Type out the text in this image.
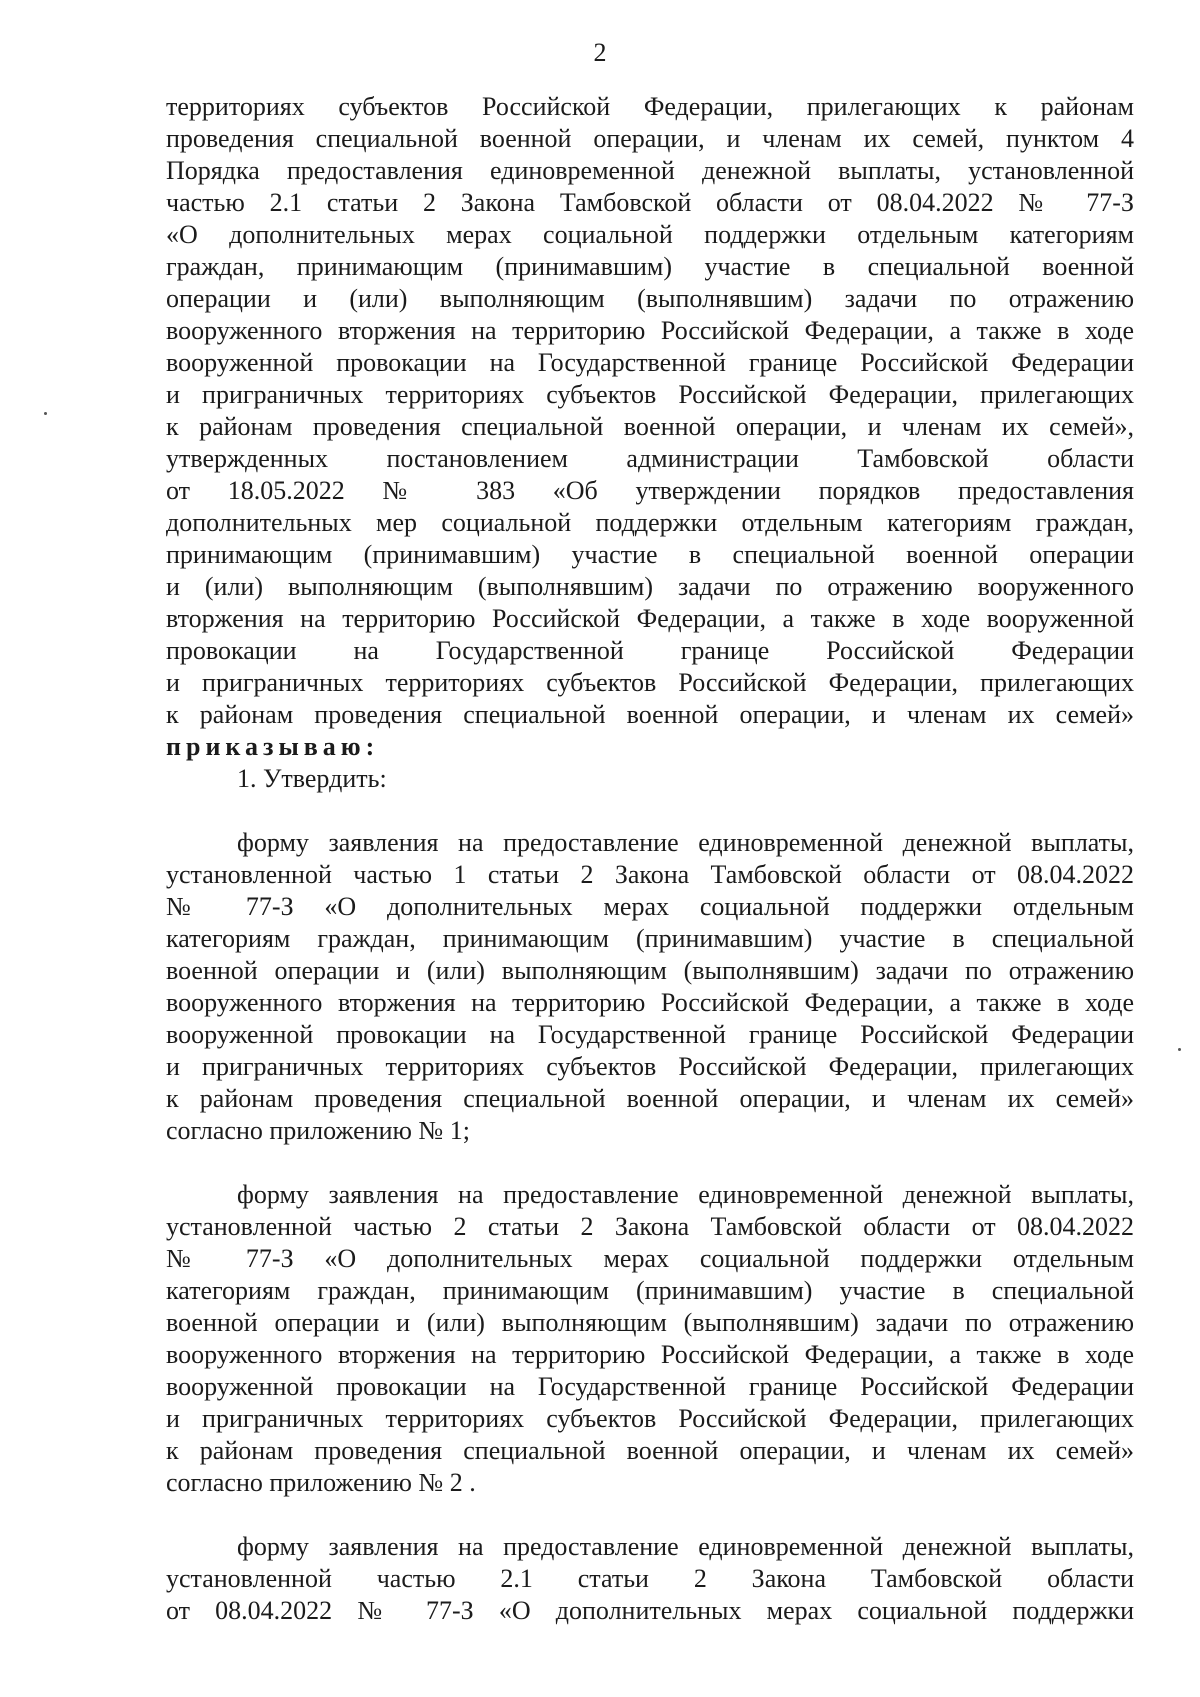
2
территориях субъектов Российской Федерации, прилегающих к районам
проведения специальной военной операции, и членам их семей, пунктом 4
Порядка предоставления единовременной денежной выплаты, установленной
частью 2.1 статьи 2 Закона Тамбовской области от 08.04.2022 № 77-З
«О дополнительных мерах социальной поддержки отдельным категориям
граждан, принимающим (принимавшим) участие в специальной военной
операции и (или) выполняющим (выполнявшим) задачи по отражению
вооруженного вторжения на территорию Российской Федерации, а также в ходе
вооруженной провокации на Государственной границе Российской Федерации
и приграничных территориях субъектов Российской Федерации, прилегающих
к районам проведения специальной военной операции, и членам их семей»,
утвержденных постановлением администрации Тамбовской области
от 18.05.2022 № 383 «Об утверждении порядков предоставления
дополнительных мер социальной поддержки отдельным категориям граждан,
принимающим (принимавшим) участие в специальной военной операции
и (или) выполняющим (выполнявшим) задачи по отражению вооруженного
вторжения на территорию Российской Федерации, а также в ходе вооруженной
провокации на Государственной границе Российской Федерации
и приграничных территориях субъектов Российской Федерации, прилегающих
к районам проведения специальной военной операции, и членам их семей»
приказываю:
1. Утвердить:
форму заявления на предоставление единовременной денежной выплаты,
установленной частью 1 статьи 2 Закона Тамбовской области от 08.04.2022
№ 77-З «О дополнительных мерах социальной поддержки отдельным
категориям граждан, принимающим (принимавшим) участие в специальной
военной операции и (или) выполняющим (выполнявшим) задачи по отражению
вооруженного вторжения на территорию Российской Федерации, а также в ходе
вооруженной провокации на Государственной границе Российской Федерации
и приграничных территориях субъектов Российской Федерации, прилегающих
к районам проведения специальной военной операции, и членам их семей»
согласно приложению № 1;
форму заявления на предоставление единовременной денежной выплаты,
установленной частью 2 статьи 2 Закона Тамбовской области от 08.04.2022
№ 77-З «О дополнительных мерах социальной поддержки отдельным
категориям граждан, принимающим (принимавшим) участие в специальной
военной операции и (или) выполняющим (выполнявшим) задачи по отражению
вооруженного вторжения на территорию Российской Федерации, а также в ходе
вооруженной провокации на Государственной границе Российской Федерации
и приграничных территориях субъектов Российской Федерации, прилегающих
к районам проведения специальной военной операции, и членам их семей»
согласно приложению № 2 .
форму заявления на предоставление единовременной денежной выплаты,
установленной частью 2.1 статьи 2 Закона Тамбовской области
от 08.04.2022 № 77-З «О дополнительных мерах социальной поддержки
